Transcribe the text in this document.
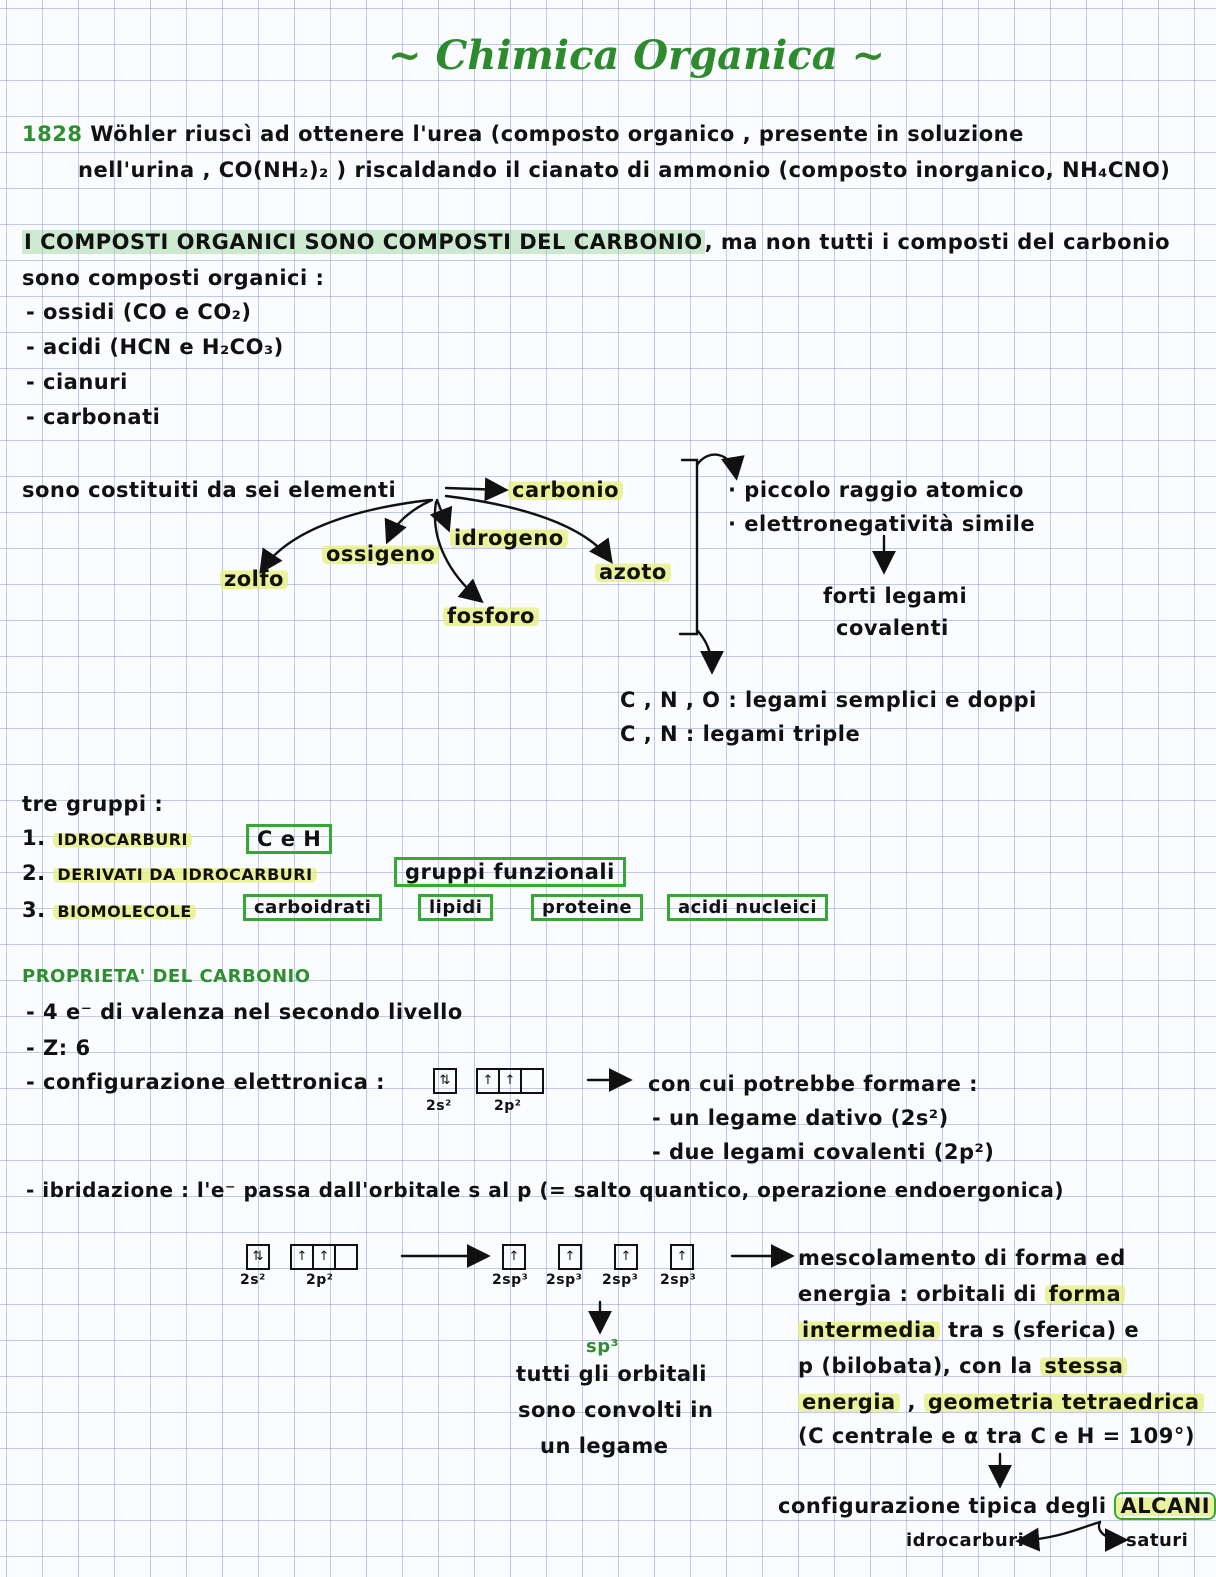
~ Chimica Organica ~
1828 Wöhler riuscì ad ottenere l'urea (composto organico , presente in soluzione
nell'urina , CO(NH₂)₂ ) riscaldando il cianato di ammonio (composto inorganico, NH₄CNO)
I COMPOSTI ORGANICI SONO COMPOSTI DEL CARBONIO, ma non tutti i composti del carbonio
sono composti organici :
- ossidi (CO e CO₂)
- acidi (HCN e H₂CO₃)
- cianuri
- carbonati
sono costituiti da sei elementi	carbonio
ossigeno
idrogeno
zolfo	azoto
fosforo
· piccolo raggio atomico
· elettronegatività simile
forti legami
covalenti
C , N , O : legami semplici e doppi
C , N : legami triple
tre gruppi :
1. IDROCARBURI	C e H
2. DERIVATI DA IDROCARBURI	gruppi funzionali
3. BIOMOLECOLE	carboidrati	lipidi	proteine	acidi nucleici
PROPRIETA' DEL CARBONIO
- 4 e⁻ di valenza nel secondo livello
- Z: 6
- configurazione elettronica :	⇅	↑ ↑
2s²	2p²
con cui potrebbe formare :
- un legame dativo (2s²)
- due legami covalenti (2p²)
- ibridazione : l'e⁻ passa dall'orbitale s al p (= salto quantico, operazione endoergonica)
⇅	↑ ↑
2s²	2p²
↑	↑	↑	↑
2sp³ 2sp³ 2sp³ 2sp³
sp³
tutti gli orbitali
sono convolti in
un legame
mescolamento di forma ed
energia : orbitali di forma
intermedia tra s (sferica) e
p (bilobata), con la stessa
energia , geometria tetraedrica
(C centrale e α tra C e H = 109°)
configurazione tipica degli ALCANI
idrocarburi	saturi
